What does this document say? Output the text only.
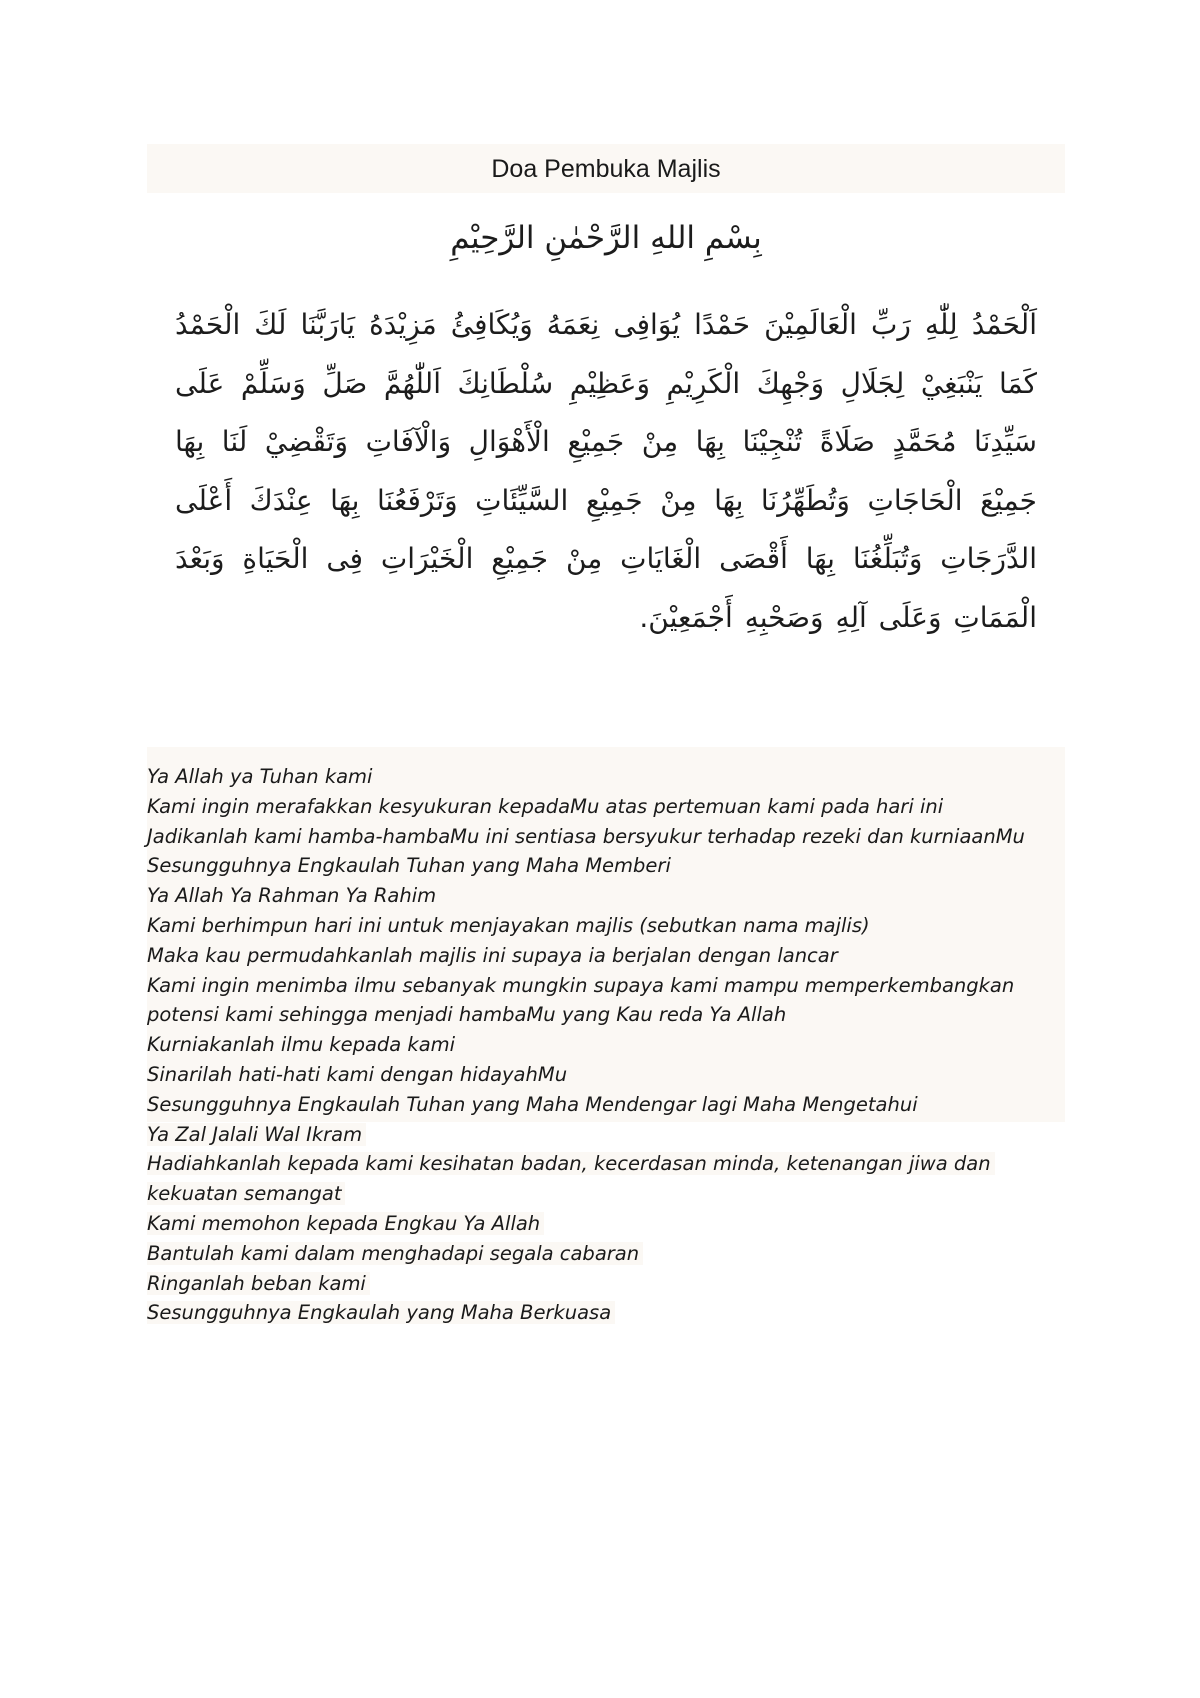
Doa Pembuka Majlis
بِسْمِ اللهِ الرَّحْمٰنِ الرَّحِيْمِ
اَلْحَمْدُ لِلّٰهِ رَبِّ الْعَالَمِيْنَ حَمْدًا يُوَافِى نِعَمَهُ وَيُكَافِئُ مَزِيْدَهُ يَارَبَّنَا لَكَ الْحَمْدُ كَمَا يَنْبَغِيْ لِجَلَالِ وَجْهِكَ الْكَرِيْمِ وَعَظِيْمِ سُلْطَانِكَ اَللّٰهُمَّ صَلِّ وَسَلِّمْ عَلَى سَيِّدِنَا مُحَمَّدٍ صَلَاةً تُنْجِيْنَا بِهَا مِنْ جَمِيْعِ الْأَهْوَالِ وَالْآفَاتِ وَتَقْضِيْ لَنَا بِهَا جَمِيْعَ الْحَاجَاتِ وَتُطَهِّرُنَا بِهَا مِنْ جَمِيْعِ السَّيِّئَاتِ وَتَرْفَعُنَا بِهَا عِنْدَكَ أَعْلَى الدَّرَجَاتِ وَتُبَلِّغُنَا بِهَا أَقْصَى الْغَايَاتِ مِنْ جَمِيْعِ الْخَيْرَاتِ فِى الْحَيَاةِ وَبَعْدَ الْمَمَاتِ وَعَلَى آلِهِ وَصَحْبِهِ أَجْمَعِيْنَ.
Ya Allah ya Tuhan kami
Kami ingin merafakkan kesyukuran kepadaMu atas pertemuan kami pada hari ini
Jadikanlah kami hamba-hambaMu ini sentiasa bersyukur terhadap rezeki dan kurniaanMu
Sesungguhnya Engkaulah Tuhan yang Maha Memberi
Ya Allah Ya Rahman Ya Rahim
Kami berhimpun hari ini untuk menjayakan majlis (sebutkan nama majlis)
Maka kau permudahkanlah majlis ini supaya ia berjalan dengan lancar
Kami ingin menimba ilmu sebanyak mungkin supaya kami mampu memperkembangkan
potensi kami sehingga menjadi hambaMu yang Kau reda Ya Allah
Kurniakanlah ilmu kepada kami
Sinarilah hati-hati kami dengan hidayahMu
Sesungguhnya Engkaulah Tuhan yang Maha Mendengar lagi Maha Mengetahui
Ya Zal Jalali Wal Ikram
Hadiahkanlah kepada kami kesihatan badan, kecerdasan minda, ketenangan jiwa dan
kekuatan semangat
Kami memohon kepada Engkau Ya Allah
Bantulah kami dalam menghadapi segala cabaran
Ringanlah beban kami
Sesungguhnya Engkaulah yang Maha Berkuasa
